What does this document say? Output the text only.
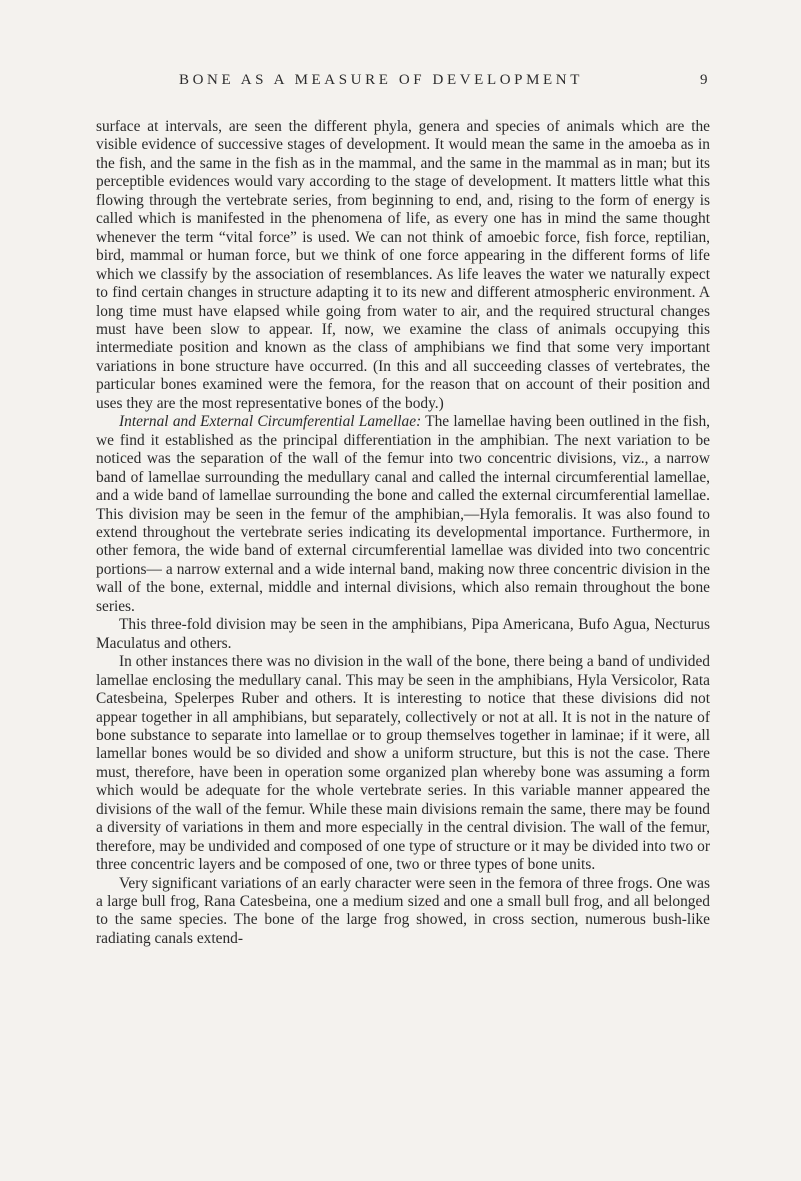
BONE AS A MEASURE OF DEVELOPMENT	9

surface at intervals, are seen the different phyla, genera and species of animals which are the visible evidence of successive stages of development. It would mean the same in the amoeba as in the fish, and the same in the fish as in the mammal, and the same in the mammal as in man; but its perceptible evidences would vary according to the stage of development. It matters little what this flowing through the vertebrate series, from beginning to end, and, rising to the form of energy is called which is manifested in the phenomena of life, as every one has in mind the same thought whenever the term “vital force” is used. We can not think of amoebic force, fish force, reptilian, bird, mammal or human force, but we think of one force appearing in the different forms of life which we classify by the association of resemblances. As life leaves the water we naturally expect to find certain changes in structure adapting it to its new and different atmospheric environment. A long time must have elapsed while going from water to air, and the required structural changes must have been slow to appear. If, now, we examine the class of animals occupying this intermediate position and known as the class of amphibians we find that some very important variations in bone structure have occurred. (In this and all succeeding classes of vertebrates, the particular bones examined were the femora, for the reason that on account of their position and uses they are the most representative bones of the body.)

Internal and External Circumferential Lamellae: The lamellae having been outlined in the fish, we find it established as the principal differentiation in the amphibian. The next variation to be noticed was the separation of the wall of the femur into two concentric divisions, viz., a narrow band of lamellae surrounding the medullary canal and called the internal circumferential lamellae, and a wide band of lamellae surrounding the bone and called the external circumferential lamellae. This division may be seen in the femur of the amphibian,—Hyla femoralis. It was also found to extend throughout the vertebrate series indicating its developmental importance. Furthermore, in other femora, the wide band of external circumferential lamellae was divided into two concentric portions— a narrow external and a wide internal band, making now three concentric division in the wall of the bone, external, middle and internal divisions, which also remain throughout the bone series.

This three-fold division may be seen in the amphibians, Pipa Americana, Bufo Agua, Necturus Maculatus and others.

In other instances there was no division in the wall of the bone, there being a band of undivided lamellae enclosing the medullary canal. This may be seen in the amphibians, Hyla Versicolor, Rata Catesbeina, Spelerpes Ruber and others. It is interesting to notice that these divisions did not appear together in all amphibians, but separately, collectively or not at all. It is not in the nature of bone substance to separate into lamellae or to group themselves together in laminae; if it were, all lamellar bones would be so divided and show a uniform structure, but this is not the case. There must, therefore, have been in operation some organized plan whereby bone was assuming a form which would be adequate for the whole vertebrate series. In this variable manner appeared the divisions of the wall of the femur. While these main divisions remain the same, there may be found a diversity of variations in them and more especially in the central division. The wall of the femur, therefore, may be undivided and composed of one type of structure or it may be divided into two or three concentric layers and be composed of one, two or three types of bone units.

Very significant variations of an early character were seen in the femora of three frogs. One was a large bull frog, Rana Catesbeina, one a medium sized and one a small bull frog, and all belonged to the same species. The bone of the large frog showed, in cross section, numerous bush-like radiating canals extend-
